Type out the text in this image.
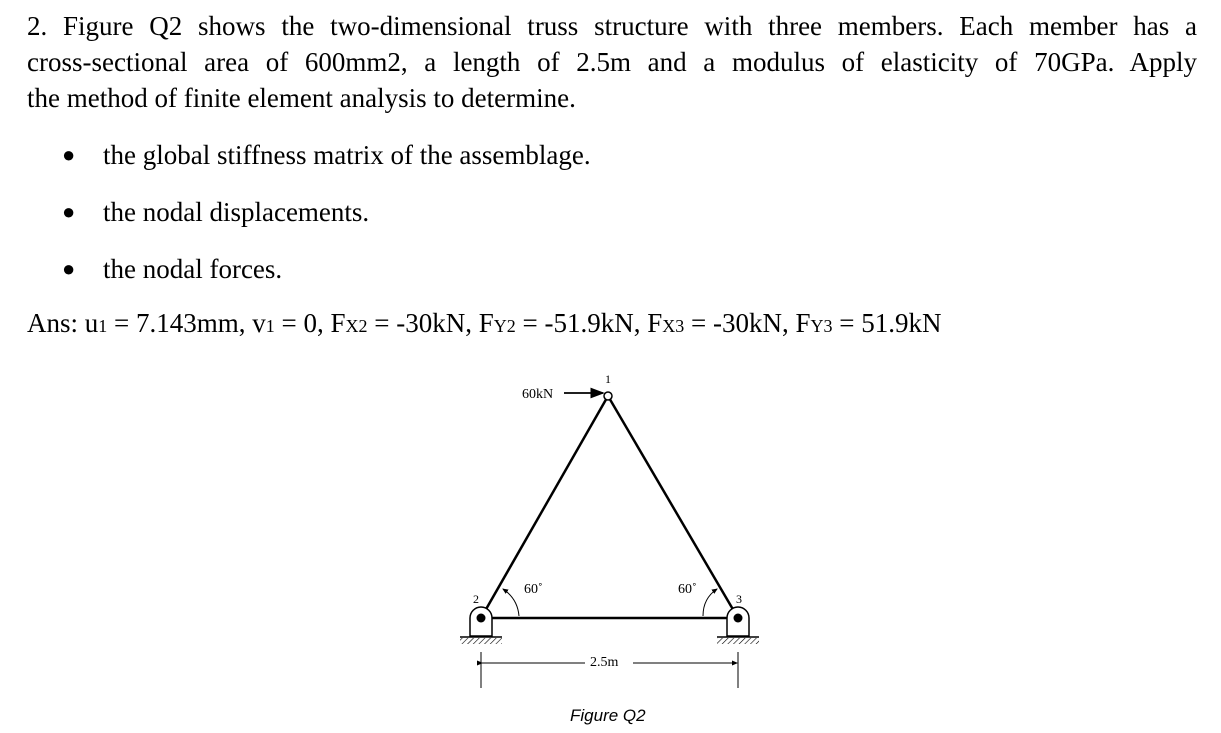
2. Figure Q2 shows the two-dimensional truss structure with three members. Each member has a
cross-sectional area of 600mm2, a length of 2.5m and a modulus of elasticity of 70GPa. Apply
the method of finite element analysis to determine.
●	the global stiffness matrix of the assemblage.
●	the nodal displacements.
●	the nodal forces.
Ans: u1 = 7.143mm, v1 = 0, FX2 = -30kN, FY2 = -51.9kN, FX3 = -30kN, FY3 = 51.9kN
60kN
1
2	3
60˚	60˚
2.5m
Figure Q2
